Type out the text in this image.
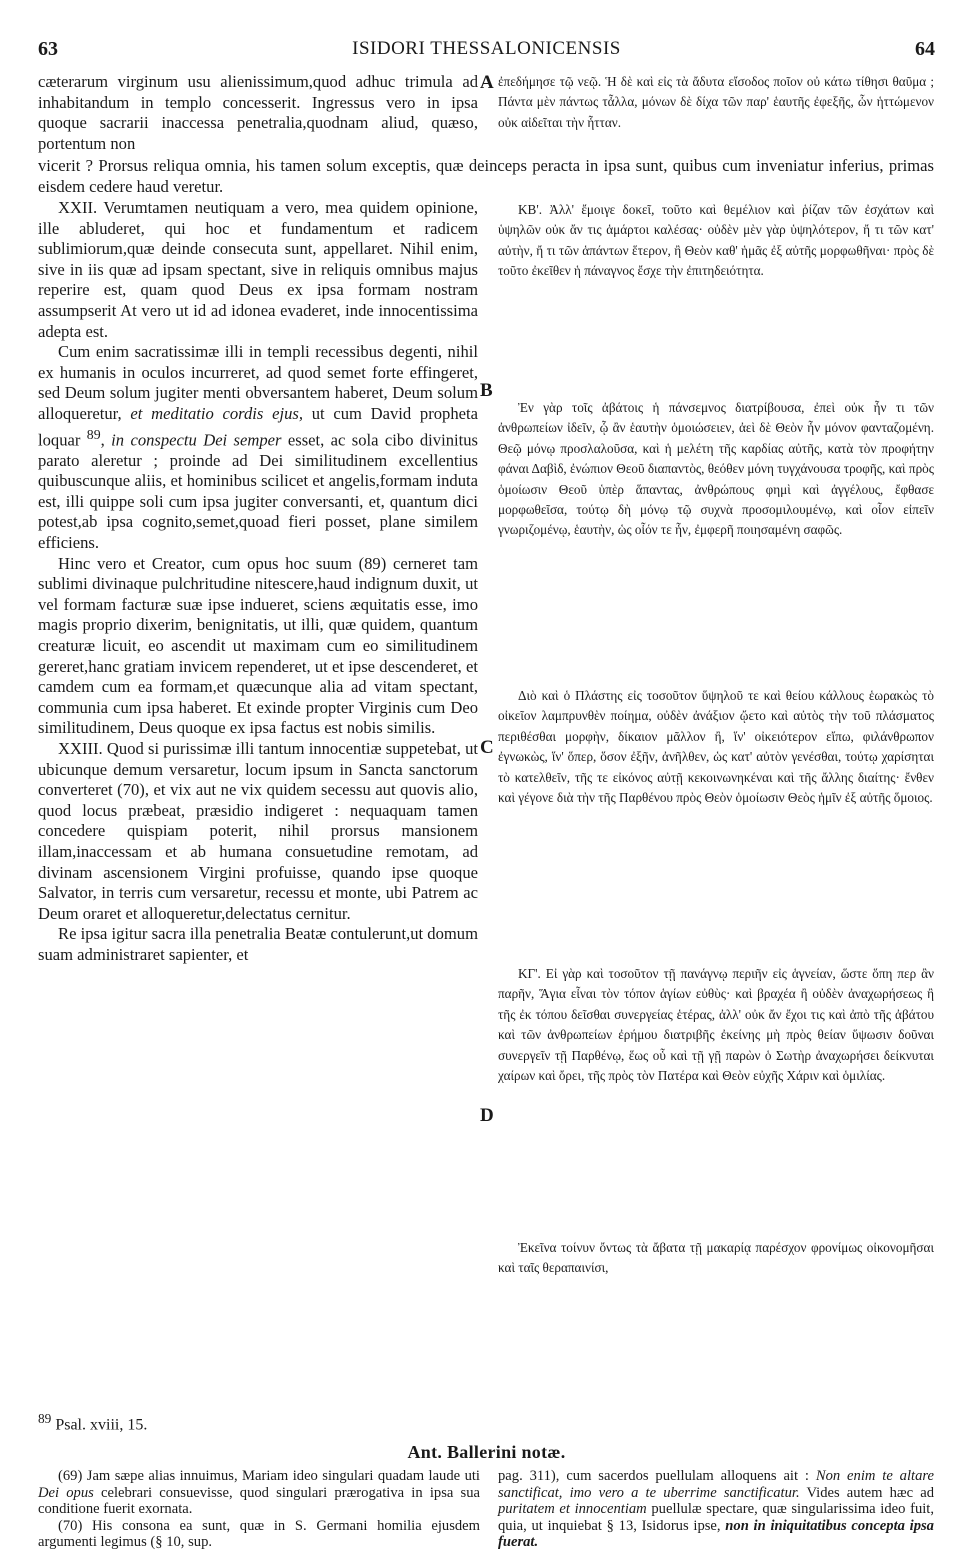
63	ISIDORI THESSALONICENSIS	64

cæterarum virginum usu alienissimum,quod adhuc trimula ad inhabitandum in templo concesserit. Ingressus vero in ipsa quoque sacrarii inaccessa penetralia,quodnam aliud, quæso, portentum non

A ἐπεδήμησε τῷ νεῷ. Ἡ δὲ καὶ εἰς τὰ ἄδυτα εἴσοδος ποῖον οὐ κάτω τίθησι θαῦμα ; Πάντα μὲν πάντως τἆλλα, μόνων δὲ δίχα τῶν παρ' ἑαυτῆς ἐφεξῆς, ὧν ἡττώμενον οὐκ αἰδεῖται τὴν ἧτταν.

vicerit ? Prorsus reliqua omnia, his tamen solum exceptis, quæ deinceps peracta in ipsa sunt, quibus cum inveniatur inferius, primas eisdem cedere haud veretur.

XXII. Verumtamen neutiquam a vero, mea quidem opinione, ille abluderet, qui hoc et fundamentum et radicem sublimiorum,quæ deinde consecuta sunt, appellaret. Nihil enim, sive in iis quæ ad ipsam spectant, sive in reliquis omnibus majus reperire est, quam quod Deus ex ipsa formam nostram assumpserit At vero ut id ad idonea evaderet, inde innocentissima adepta est.

Cum enim sacratissimæ illi in templi recessibus degenti, nihil ex humanis in oculos incurreret, ad quod semet forte effingeret, sed Deum solum jugiter menti obversantem haberet, Deum solum alloqueretur, et meditatio cordis ejus, ut cum David propheta loquar $^{89}$, in conspectu Dei semper esset, ac sola cibo divinitus parato aleretur ; proinde ad Dei similitudinem excellentius quibuscunque aliis, et hominibus scilicet et angelis,formam induta est, illi quippe soli cum ipsa jugiter conversanti, et, quantum dici potest,ab ipsa cognito,semet,quoad fieri posset, plane similem efficiens.

Hinc vero et Creator, cum opus hoc suum (89) cerneret tam sublimi divinaque pulchritudine nitescere,haud indignum duxit, ut vel formam facturæ suæ ipse indueret, sciens æquitatis esse, imo magis proprio dixerim, benignitatis, ut illi, quæ quidem, quantum creaturæ licuit, eo ascendit ut maximam cum eo similitudinem gereret,hanc gratiam invicem rependeret, ut et ipse descenderet, et camdem cum ea formam,et quæcunque alia ad vitam spectant, communia cum ipsa haberet. Et exinde propter Virginis cum Deo similitudinem, Deus quoque ex ipsa factus est nobis similis.

XXIII. Quod si purissimæ illi tantum innocentiæ suppetebat, ut ubicunque demum versaretur, locum ipsum in Sancta sanctorum converteret (70), et vix aut ne vix quidem secessu aut quovis alio, quod locus præbeat, præsidio indigeret : nequaquam tamen concedere quispiam poterit, nihil prorsus mansionem illam,inaccessam et ab humana consuetudine remotam, ad divinam ascensionem Virgini profuisse, quando ipse quoque Salvator, in terris cum versaretur, recessu et monte, ubi Patrem ac Deum oraret et alloqueretur,delectatus cernitur.

Re ipsa igitur sacra illa penetralia Beatæ contulerunt,ut domum suam administraret sapienter, et

B
C
D

ΚΒ'. Ἀλλ' ἔμοιγε δοκεῖ, τοῦτο καὶ θεμέλιον καὶ ῥίζαν τῶν ἐσχάτων καὶ ὑψηλῶν οὐκ ἄν τις ἁμάρτοι καλέσας· οὐδὲν μὲν γὰρ ὑψηλότερον, ἤ τι τῶν κατ' αὐτὴν, ἤ τι τῶν ἁπάντων ἕτερον, ἢ Θεὸν καθ' ἡμᾶς ἐξ αὐτῆς μορφωθῆναι· πρὸς δὲ τοῦτο ἐκεῖθεν ἡ πάναγνος ἔσχε τὴν ἐπιτηδειότητα.

Ἐν γὰρ τοῖς ἀβάτοις ἡ πάνσεμνος διατρίβουσα, ἐπεὶ οὐκ ἦν τι τῶν ἀνθρωπείων ἰδεῖν, ᾧ ἂν ἑαυτὴν ὁμοιώσειεν, ἀεὶ δὲ Θεὸν ἦν μόνον φανταζομένη. Θεῷ μόνῳ προσλαλοῦσα, καὶ ἡ μελέτη τῆς καρδίας αὐτῆς, κατὰ τὸν προφήτην φάναι Δαβὶδ, ἐνώπιον Θεοῦ διαπαντὸς, θεόθεν μόνη τυγχάνουσα τροφῆς, καὶ πρὸς ὁμοίωσιν Θεοῦ ὑπὲρ ἅπαντας, ἀνθρώπους φημὶ καὶ ἀγγέλους, ἔφθασε μορφωθεῖσα, τούτῳ δὴ μόνῳ τῷ συχνὰ προσομιλουμένῳ, καὶ οἷον εἰπεῖν γνωριζομένῳ, ἑαυτὴν, ὡς οἷόν τε ἦν, ἐμφερῆ ποιησαμένη σαφῶς.

Διὸ καὶ ὁ Πλάστης εἰς τοσοῦτον ὕψηλοῦ τε καὶ θείου κάλλους ἑωρακὼς τὸ οἰκεῖον λαμπρυνθὲν ποίημα, οὐδὲν ἀνάξιον ᾤετο καὶ αὐτὸς τὴν τοῦ πλάσματος περιθέσθαι μορφὴν, δίκαιον μᾶλλον ἢ, ἵν' οἰκειότερον εἴπω, φιλάνθρωπον ἐγνωκὼς, ἵν' ὅπερ, ὅσον ἐξῆν, ἀνῆλθεν, ὡς κατ' αὐτὸν γενέσθαι, τούτῳ χαρίσηται τὸ κατελθεῖν, τῆς τε εἰκόνος αὐτῇ κεκοινωνηκέναι καὶ τῆς ἄλλης διαίτης· ἔνθεν καὶ γέγονε διὰ τὴν τῆς Παρθένου πρὸς Θεὸν ὁμοίωσιν Θεὸς ἡμῖν ἐξ αὐτῆς ὅμοιος.

ΚΓ'. Εἰ γὰρ καὶ τοσοῦτον τῇ πανάγνῳ περιῆν εἰς ἁγνείαν, ὥστε ὅπη περ ἂν παρῆν, Ἅγια εἶναι τὸν τόπον ἁγίων εὐθὺς· καὶ βραχέα ἢ οὐδὲν ἀναχωρήσεως ἢ τῆς ἐκ τόπου δεῖσθαι συνεργείας ἑτέρας, ἀλλ' οὐκ ἄν ἔχοι τις καὶ ἀπὸ τῆς ἀβάτου καὶ τῶν ἀνθρωπείων ἐρήμου διατριβῆς ἐκείνης μὴ πρὸς θείαν ὕψωσιν δοῦναι συνεργεῖν τῇ Παρθένῳ, ἕως οὗ καὶ τῇ γῇ παρὼν ὁ Σωτὴρ ἀναχωρήσει δείκνυται χαίρων καὶ ὄρει, τῆς πρὸς τὸν Πατέρα καὶ Θεὸν εὐχῆς Χάριν καὶ ὁμιλίας.

Ἐκεῖνα τοίνυν ὄντως τὰ ἄβατα τῇ μακαρίᾳ παρέσχον φρονίμως οἰκονομῆσαι καὶ ταῖς θεραπαινίσι,

$^{89}$ Psal. xviii, 15.
Ant. Ballerini notæ.

(69) Jam sæpe alias innuimus, Mariam ideo singulari quadam laude uti Dei opus celebrari consuevisse, quod singulari prærogativa in ipsa sua conditione fuerit exornata.

(70) His consona ea sunt, quæ in S. Germani homilia ejusdem argumenti legimus (§ 10, sup.

pag. 311), cum sacerdos puellulam alloquens ait : Non enim te altare sanctificat, imo vero a te uberrime sanctificatur. Vides autem hæc ad puritatem et innocentiam puellulæ spectare, quæ singularissima ideo fuit, quia, ut inquiebat § 13, Isidorus ipse, non in iniquitatibus concepta ipsa fuerat.
